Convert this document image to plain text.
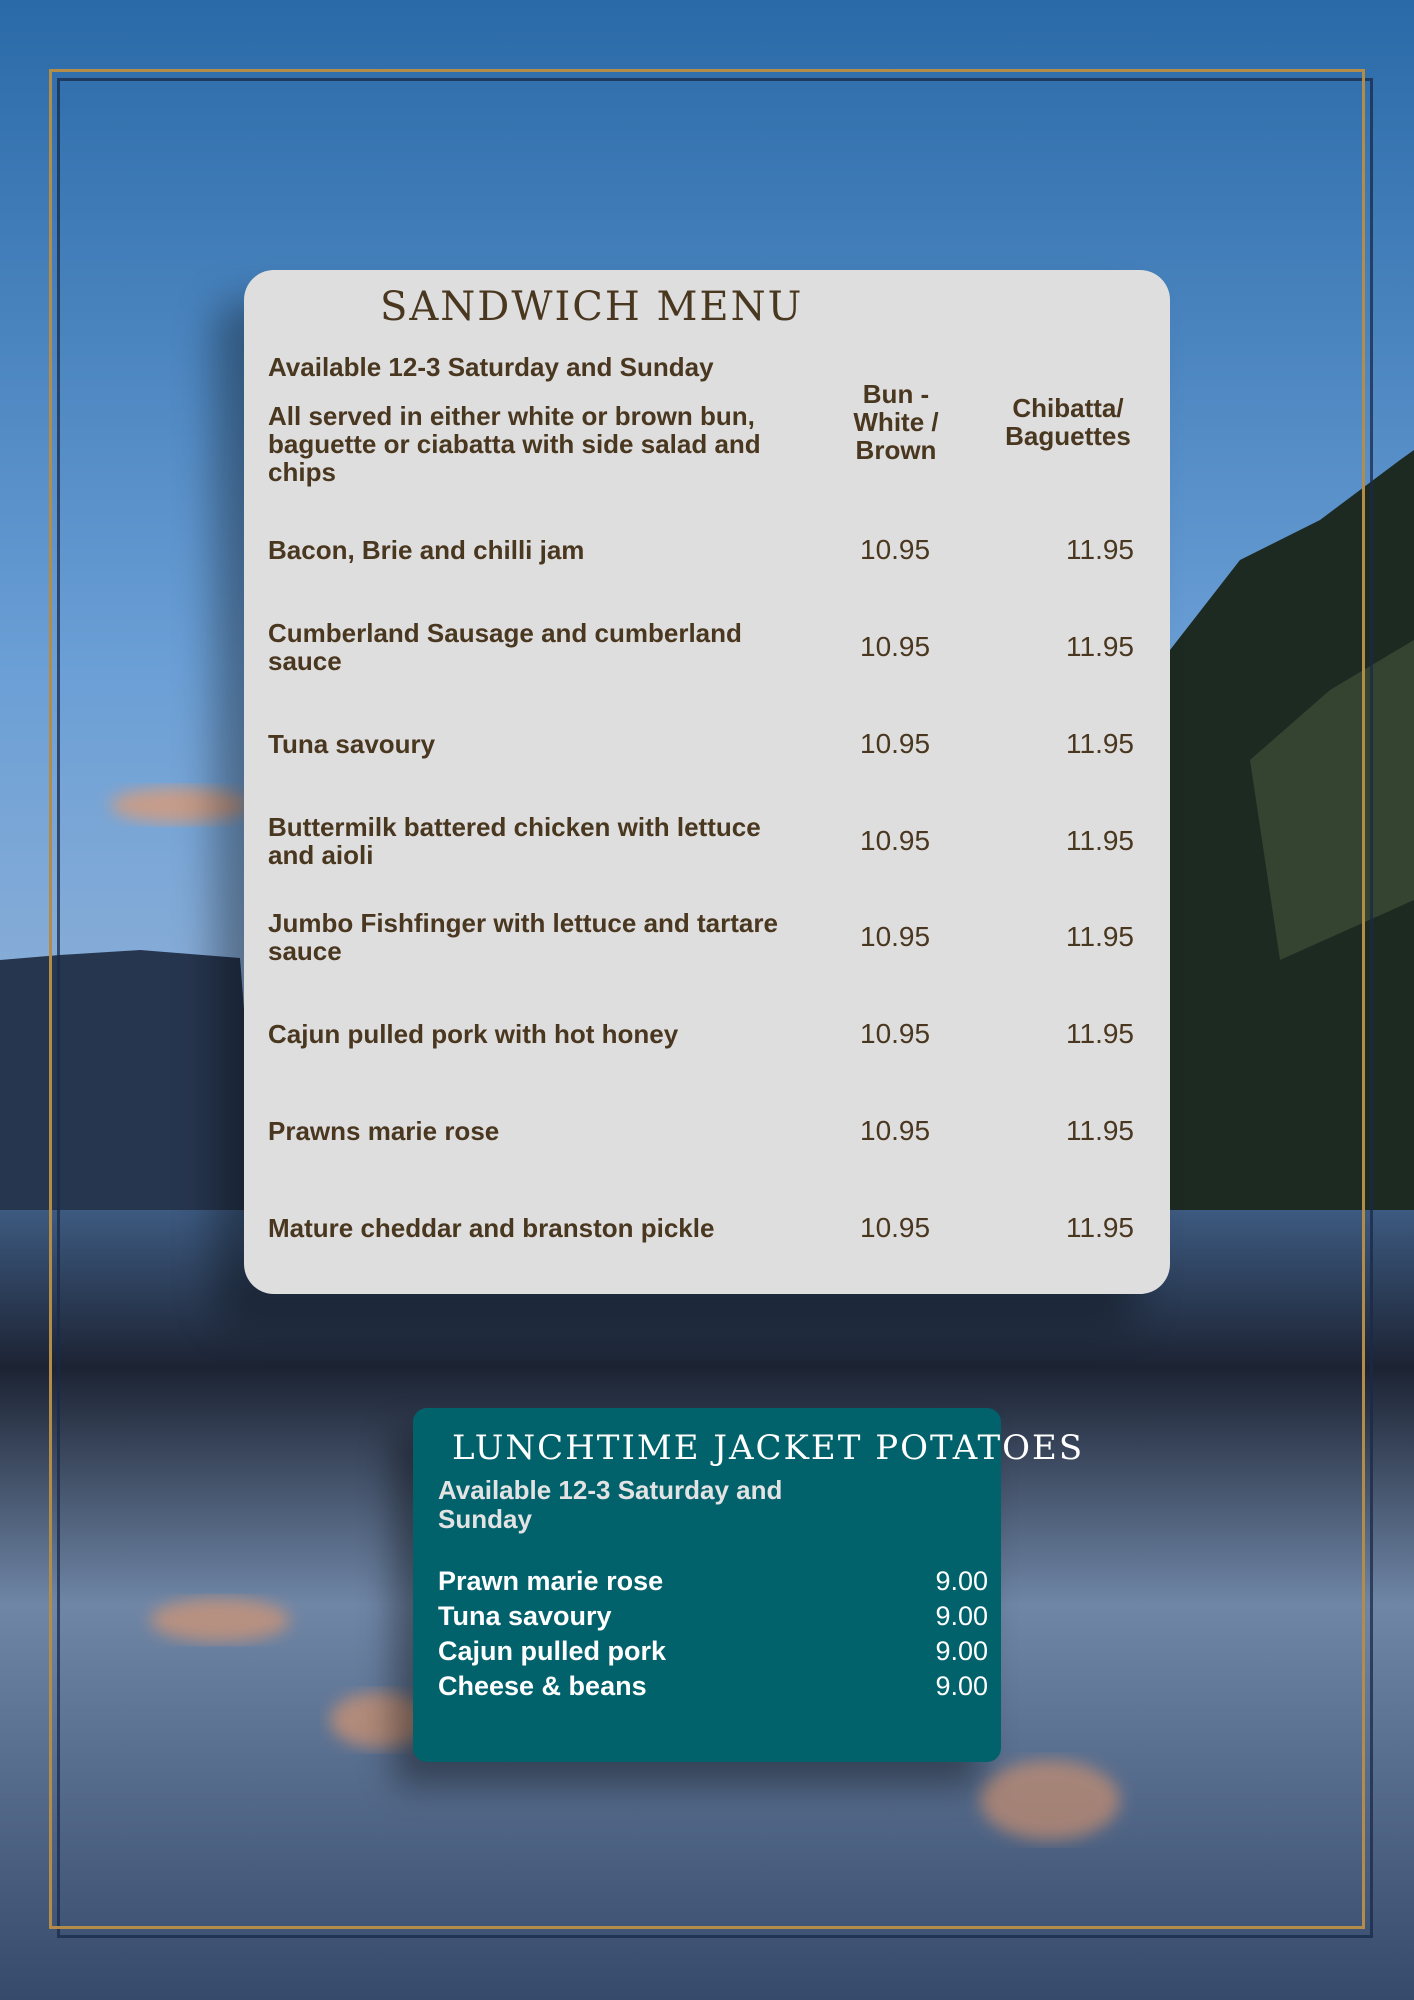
SANDWICH MENU
Available 12-3 Saturday and Sunday
All served in either white or brown bun, baguette or ciabatta with side salad and chips
Bun - White / Brown
Chibatta/ Baguettes
Bacon, Brie and chilli jam	10.95	11.95
Cumberland Sausage and cumberland sauce	10.95	11.95
Tuna savoury	10.95	11.95
Buttermilk battered chicken with lettuce and aioli	10.95	11.95
Jumbo Fishfinger with lettuce and tartare sauce	10.95	11.95
Cajun pulled pork with hot honey	10.95	11.95
Prawns marie rose	10.95	11.95
Mature cheddar and branston pickle	10.95	11.95
LUNCHTIME JACKET POTATOES
Available 12-3 Saturday and Sunday
Prawn marie rose	9.00
Tuna savoury	9.00
Cajun pulled pork	9.00
Cheese & beans	9.00
